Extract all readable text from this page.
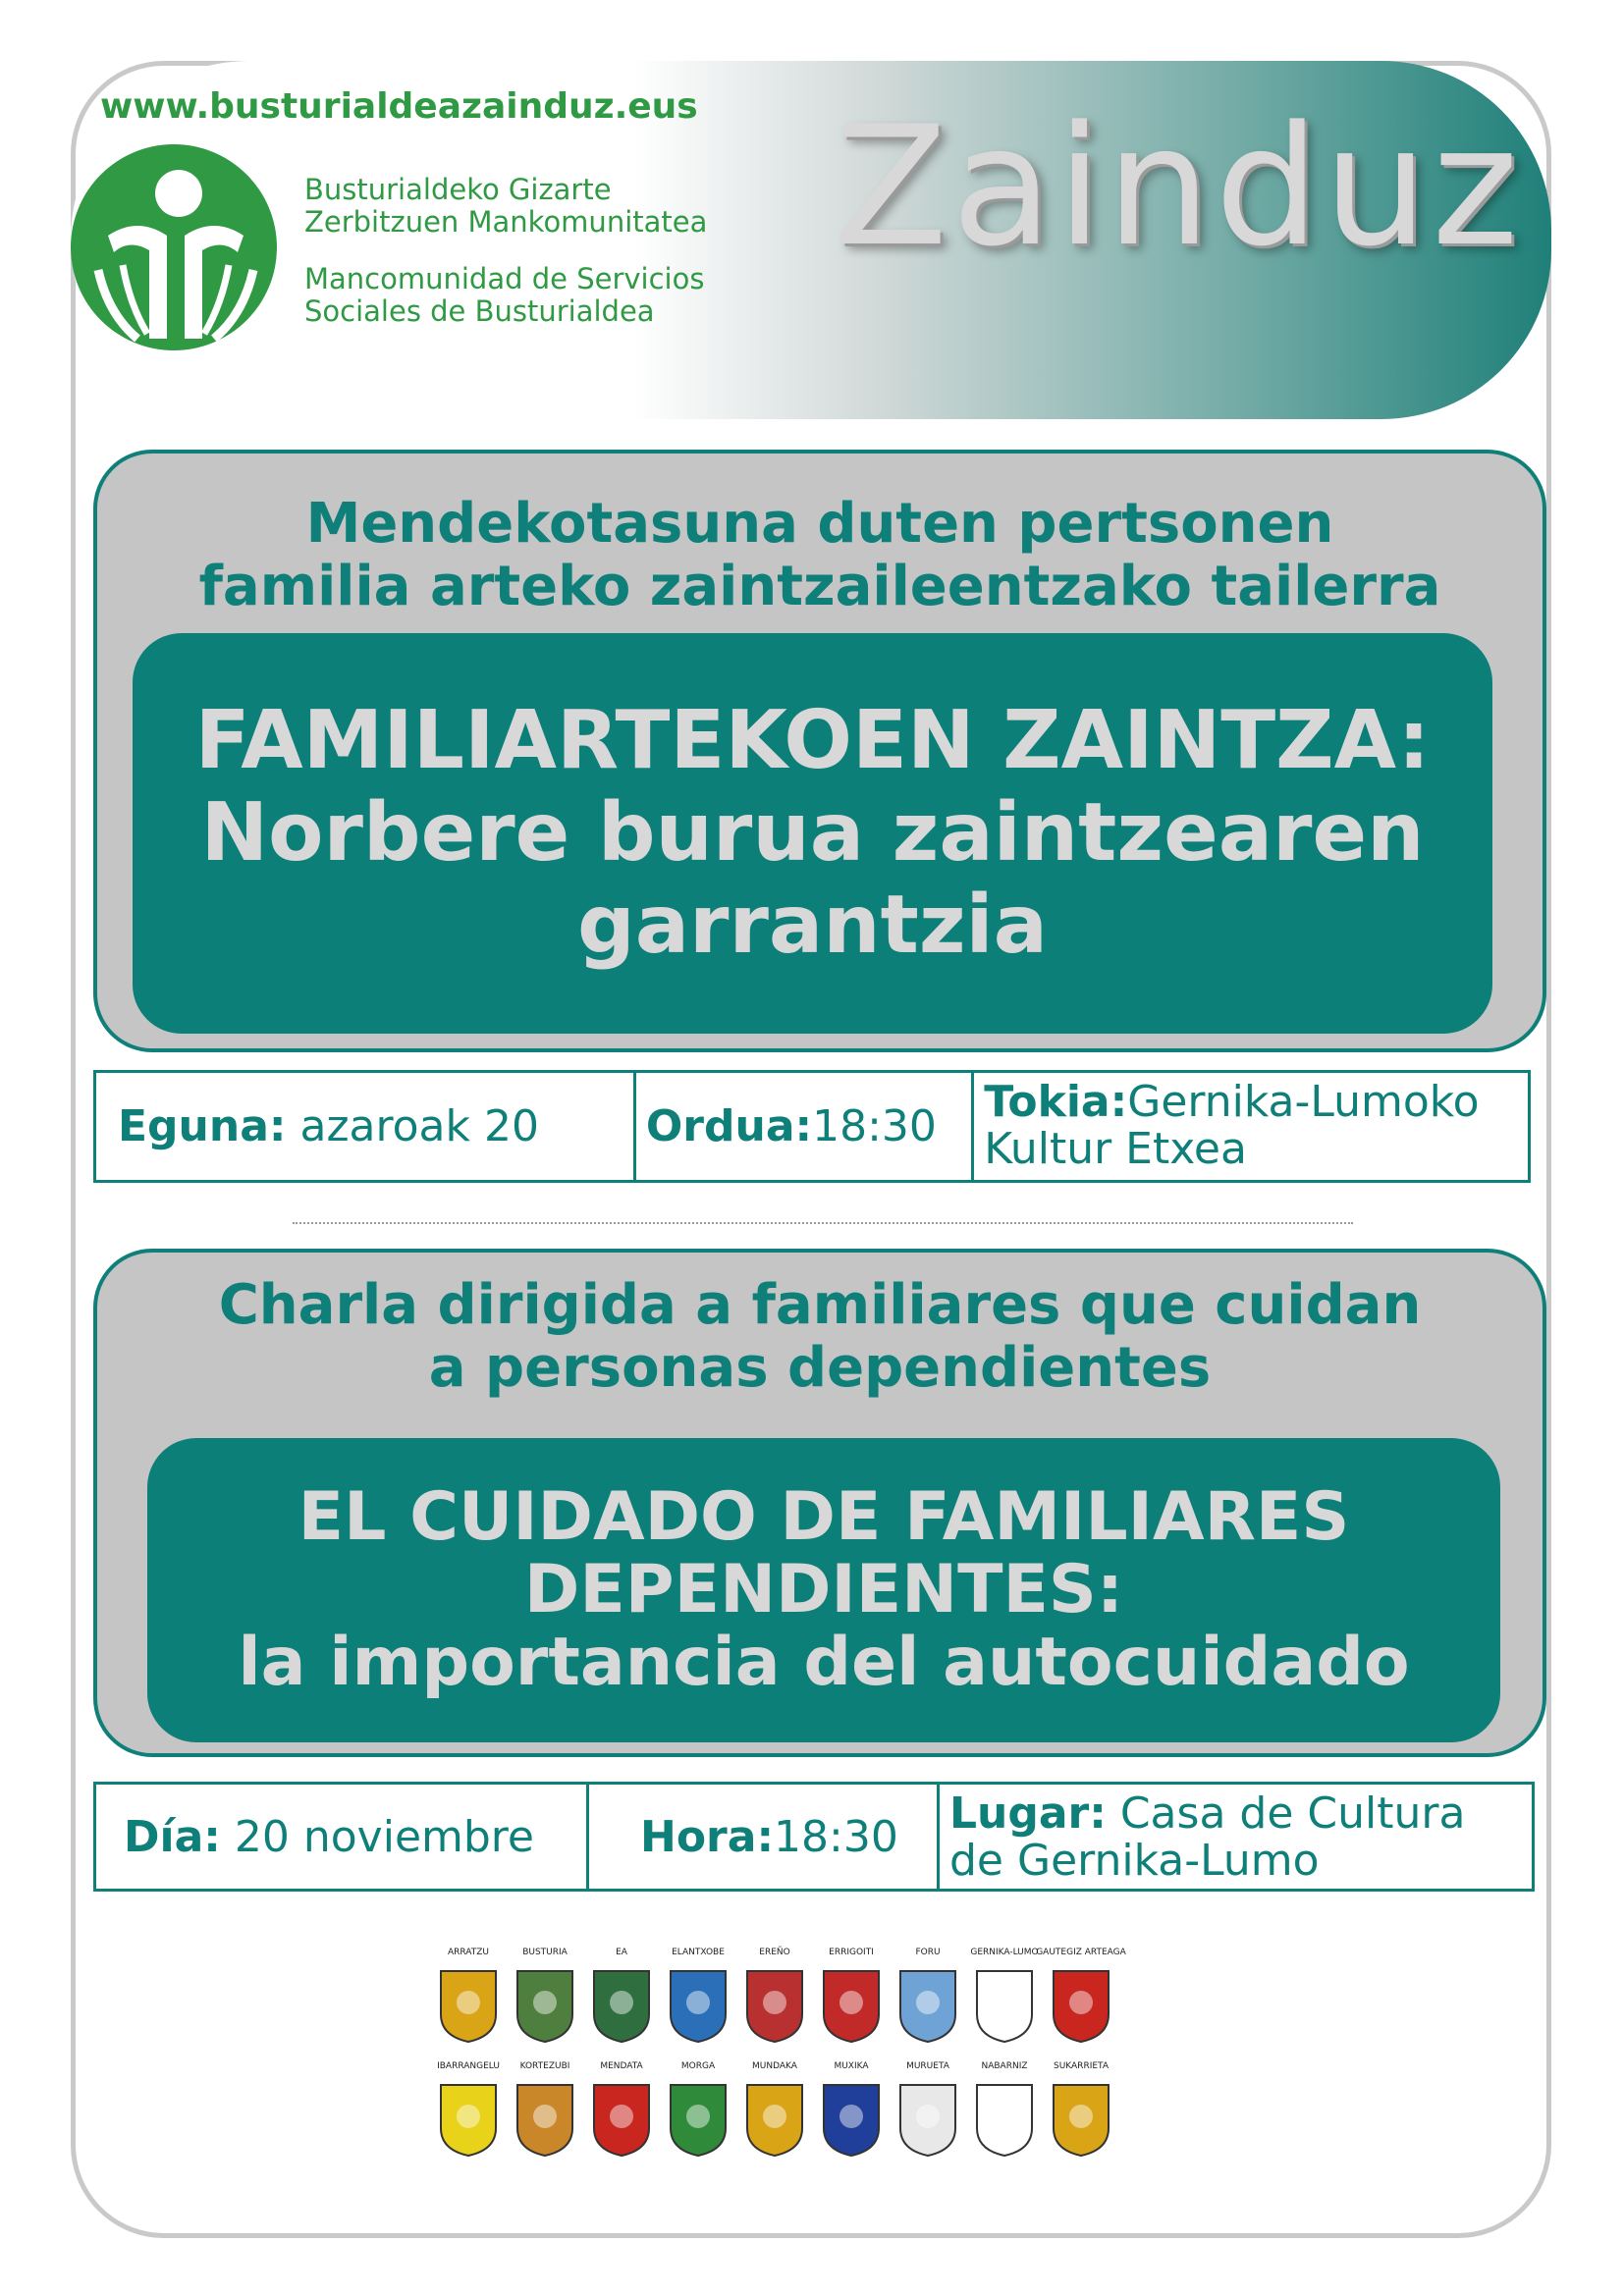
www.busturialdeazainduz.eus
Busturialdeko Gizarte
Zerbitzuen Mankomunitatea
Mancomunidad de Servicios
Sociales de Busturialdea
Zainduz
Mendekotasuna duten pertsonen
familia arteko zaintzaileentzako tailerra
FAMILIARTEKOEN ZAINTZA:
Norbere burua zaintzearen
garrantzia
Eguna: azaroak 20 Ordua: 18:30 Tokia:Gernika-Lumoko
Kultur Etxea
Charla dirigida a familiares que cuidan
a personas dependientes
EL CUIDADO DE FAMILIARES
DEPENDIENTES:
la importancia del autocuidado
Día: 20 noviembre Hora: 18:30 Lugar: Casa de Cultura
de Gernika-Lumo
ARRATZU	BUSTURIA	EA	ELANTXOBE	EREÑO	ERRIGOITI	FORU	GERNIKA-LUMO
GAUTEGIZ ARTEAGA
IBARRANGELU KORTEZUBI	MENDATA	MORGA	MUNDAKA	MUXIKA	MURUETA	NABARNIZ	SUKARRIETA
